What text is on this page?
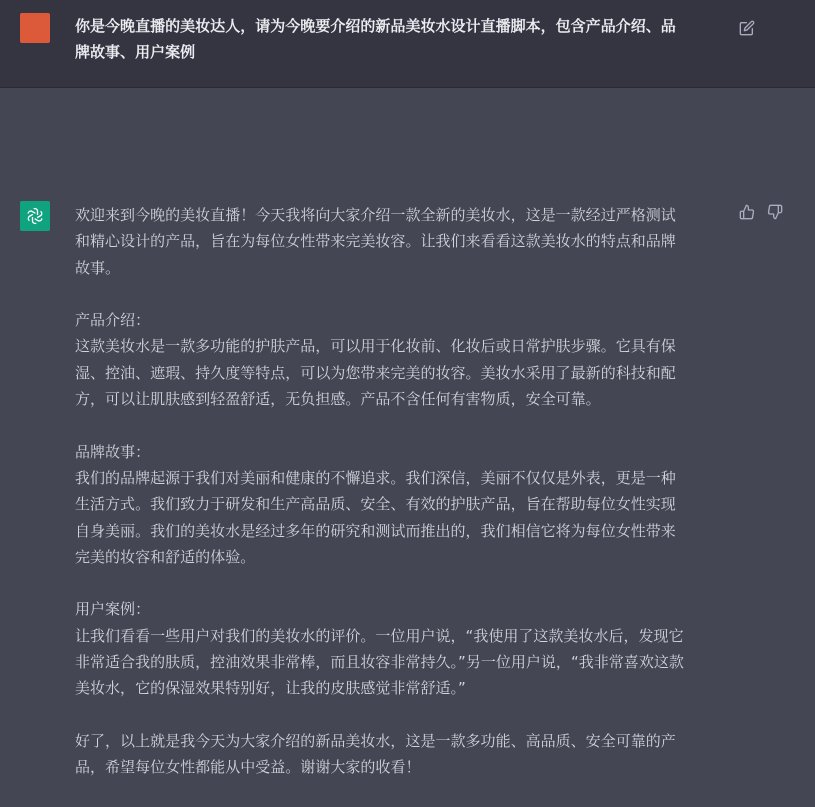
你是今晚直播的美妆达人，请为今晚要介绍的新品美妆水设计直播脚本，包含产品介绍、品
牌故事、用户案例

欢迎来到今晚的美妆直播！今天我将向大家介绍一款全新的美妆水，这是一款经过严格测试
和精心设计的产品，旨在为每位女性带来完美妆容。让我们来看看这款美妆水的特点和品牌
故事。

产品介绍：
这款美妆水是一款多功能的护肤产品，可以用于化妆前、化妆后或日常护肤步骤。它具有保
湿、控油、遮瑕、持久度等特点，可以为您带来完美的妆容。美妆水采用了最新的科技和配
方，可以让肌肤感到轻盈舒适，无负担感。产品不含任何有害物质，安全可靠。

品牌故事：
我们的品牌起源于我们对美丽和健康的不懈追求。我们深信，美丽不仅仅是外表，更是一种
生活方式。我们致力于研发和生产高品质、安全、有效的护肤产品，旨在帮助每位女性实现
自身美丽。我们的美妆水是经过多年的研究和测试而推出的，我们相信它将为每位女性带来
完美的妆容和舒适的体验。

用户案例：
让我们看看一些用户对我们的美妆水的评价。一位用户说，“我使用了这款美妆水后，发现它
非常适合我的肤质，控油效果非常棒，而且妆容非常持久。”另一位用户说，“我非常喜欢这款
美妆水，它的保湿效果特别好，让我的皮肤感觉非常舒适。”

好了，以上就是我今天为大家介绍的新品美妆水，这是一款多功能、高品质、安全可靠的产
品，希望每位女性都能从中受益。谢谢大家的收看！
